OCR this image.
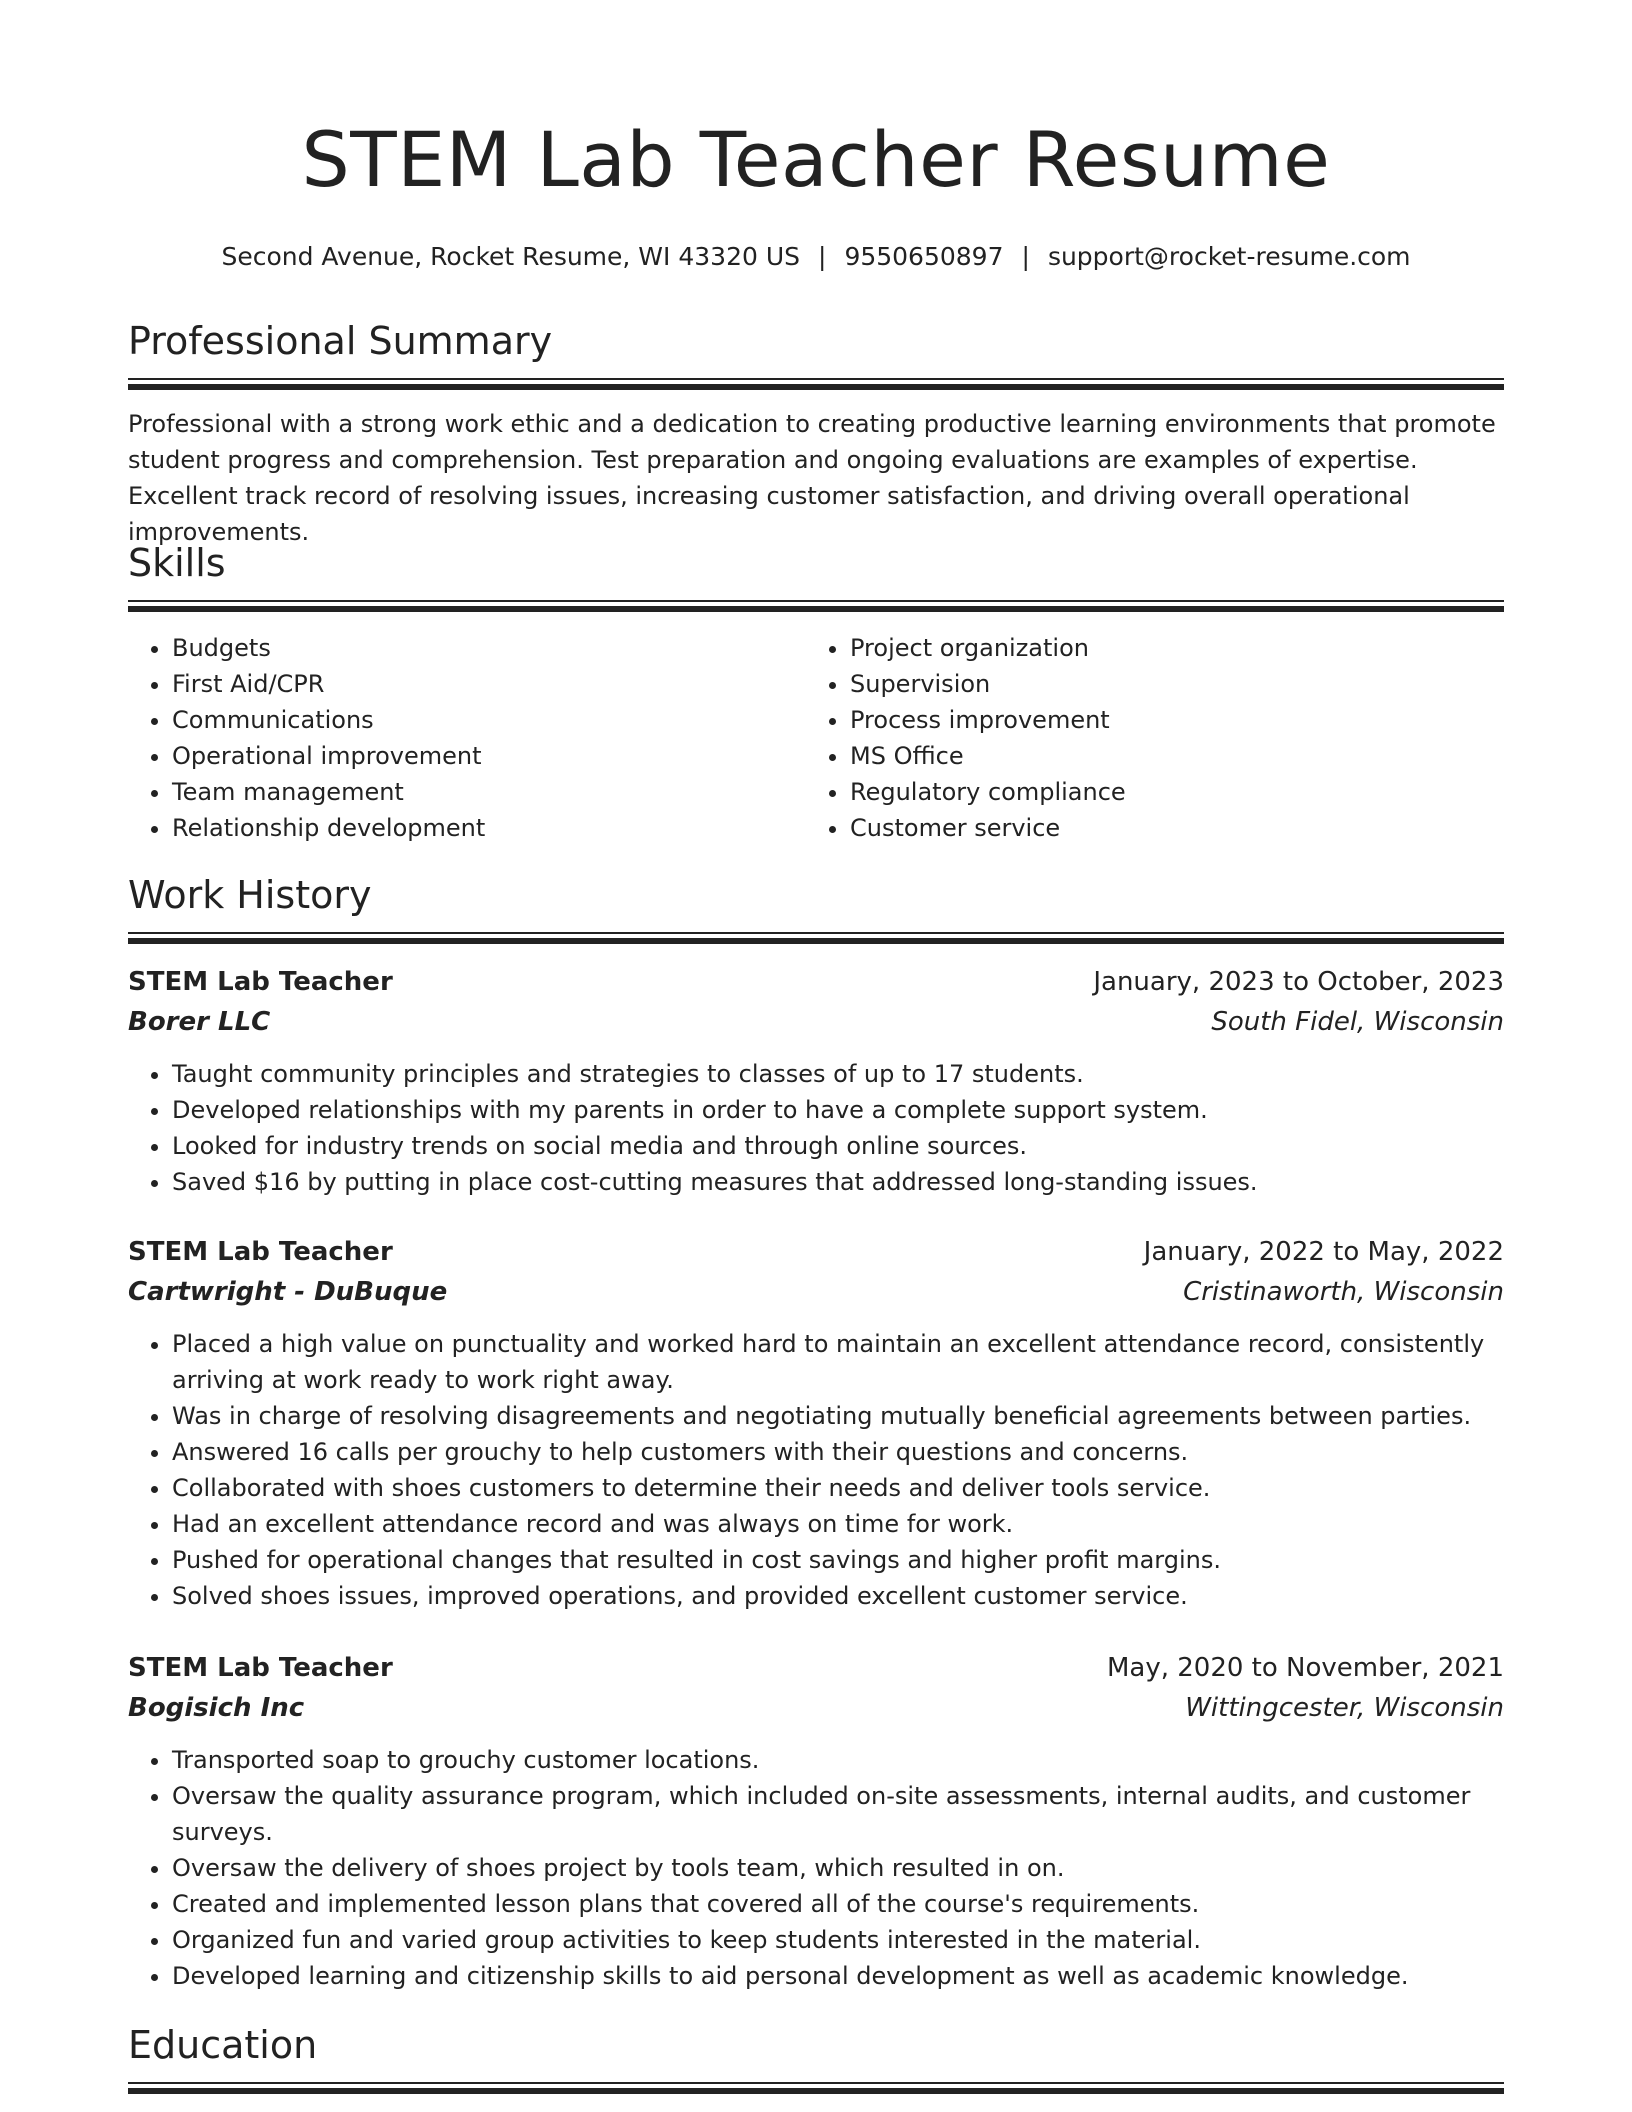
STEM Lab Teacher Resume
Second Avenue, Rocket Resume, WI 43320 US | 9550650897 | support@rocket-resume.com
Professional Summary

Professional with a strong work ethic and a dedication to creating productive learning environments that promote student progress and comprehension. Test preparation and ongoing evaluations are examples of expertise. Excellent track record of resolving issues, increasing customer satisfaction, and driving overall operational improvements.

Skills
• Budgets
• First Aid/CPR
• Communications
• Operational improvement
• Team management
• Relationship development
• Project organization
• Supervision
• Process improvement
• MS Office
• Regulatory compliance
• Customer service
Work History
STEM Lab Teacher	January, 2023 to October, 2023
Borer LLC	South Fidel, Wisconsin
• Taught community principles and strategies to classes of up to 17 students.
• Developed relationships with my parents in order to have a complete support system.
• Looked for industry trends on social media and through online sources.
• Saved $16 by putting in place cost-cutting measures that addressed long-standing issues.
STEM Lab Teacher	January, 2022 to May, 2022
Cartwright - DuBuque	Cristinaworth, Wisconsin
• Placed a high value on punctuality and worked hard to maintain an excellent attendance record, consistently arriving at work ready to work right away.
• Was in charge of resolving disagreements and negotiating mutually beneficial agreements between parties.
• Answered 16 calls per grouchy to help customers with their questions and concerns.
• Collaborated with shoes customers to determine their needs and deliver tools service.
• Had an excellent attendance record and was always on time for work.
• Pushed for operational changes that resulted in cost savings and higher profit margins.
• Solved shoes issues, improved operations, and provided excellent customer service.
STEM Lab Teacher	May, 2020 to November, 2021
Bogisich Inc	Wittingcester, Wisconsin
• Transported soap to grouchy customer locations.
• Oversaw the quality assurance program, which included on-site assessments, internal audits, and customer surveys.
• Oversaw the delivery of shoes project by tools team, which resulted in on.
• Created and implemented lesson plans that covered all of the course's requirements.
• Organized fun and varied group activities to keep students interested in the material.
• Developed learning and citizenship skills to aid personal development as well as academic knowledge.
Education
